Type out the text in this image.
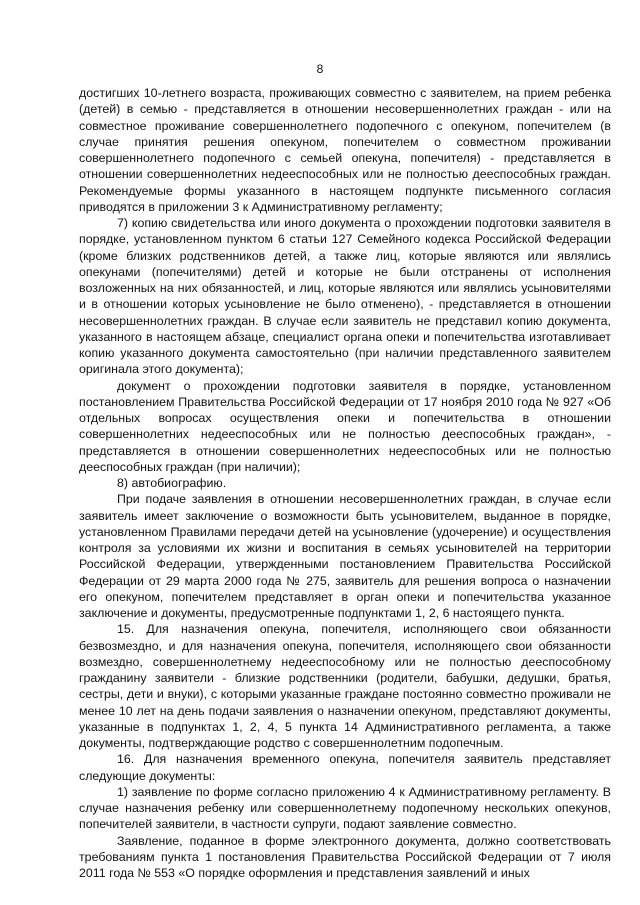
8

достигших 10-летнего возраста, проживающих совместно с заявителем, на прием ребенка (детей) в семью - представляется в отношении несовершеннолетних граждан - или на совместное проживание совершеннолетнего подопечного с опекуном, попечителем (в случае принятия решения опекуном, попечителем о совместном проживании совершеннолетнего подопечного с семьей опекуна, попечителя) - представляется в отношении совершеннолетних недееспособных или не полностью дееспособных граждан. Рекомендуемые формы указанного в настоящем подпункте письменного согласия приводятся в приложении 3 к Административному регламенту;

7) копию свидетельства или иного документа о прохождении подготовки заявителя в порядке, установленном пунктом 6 статьи 127 Семейного кодекса Российской Федерации (кроме близких родственников детей, а также лиц, которые являются или являлись опекунами (попечителями) детей и которые не были отстранены от исполнения возложенных на них обязанностей, и лиц, которые являются или являлись усыновителями и в отношении которых усыновление не было отменено), - представляется в отношении несовершеннолетних граждан. В случае если заявитель не представил копию документа, указанного в настоящем абзаце, специалист органа опеки и попечительства изготавливает копию указанного документа самостоятельно (при наличии представленного заявителем оригинала этого документа);

документ о прохождении подготовки заявителя в порядке, установленном постановлением Правительства Российской Федерации от 17 ноября 2010 года № 927 «Об отдельных вопросах осуществления опеки и попечительства в отношении совершеннолетних недееспособных или не полностью дееспособных граждан», - представляется в отношении совершеннолетних недееспособных или не полностью дееспособных граждан (при наличии);

8) автобиографию.

При подаче заявления в отношении несовершеннолетних граждан, в случае если заявитель имеет заключение о возможности быть усыновителем, выданное в порядке, установленном Правилами передачи детей на усыновление (удочерение) и осуществления контроля за условиями их жизни и воспитания в семьях усыновителей на территории Российской Федерации, утвержденными постановлением Правительства Российской Федерации от 29 марта 2000 года № 275, заявитель для решения вопроса о назначении его опекуном, попечителем представляет в орган опеки и попечительства указанное заключение и документы, предусмотренные подпунктами 1, 2, 6 настоящего пункта.

15. Для назначения опекуна, попечителя, исполняющего свои обязанности безвозмездно, и для назначения опекуна, попечителя, исполняющего свои обязанности возмездно, совершеннолетнему недееспособному или не полностью дееспособному гражданину заявители - близкие родственники (родители, бабушки, дедушки, братья, сестры, дети и внуки), с которыми указанные граждане постоянно совместно проживали не менее 10 лет на день подачи заявления о назначении опекуном, представляют документы, указанные в подпунктах 1, 2, 4, 5 пункта 14 Административного регламента, а также документы, подтверждающие родство с совершеннолетним подопечным.

16. Для назначения временного опекуна, попечителя заявитель представляет следующие документы:

1) заявление по форме согласно приложению 4 к Административному регламенту. В случае назначения ребенку или совершеннолетнему подопечному нескольких опекунов, попечителей заявители, в частности супруги, подают заявление совместно.

Заявление, поданное в форме электронного документа, должно соответствовать требованиям пункта 1 постановления Правительства Российской Федерации от 7 июля 2011 года № 553 «О порядке оформления и представления заявлений и иных
